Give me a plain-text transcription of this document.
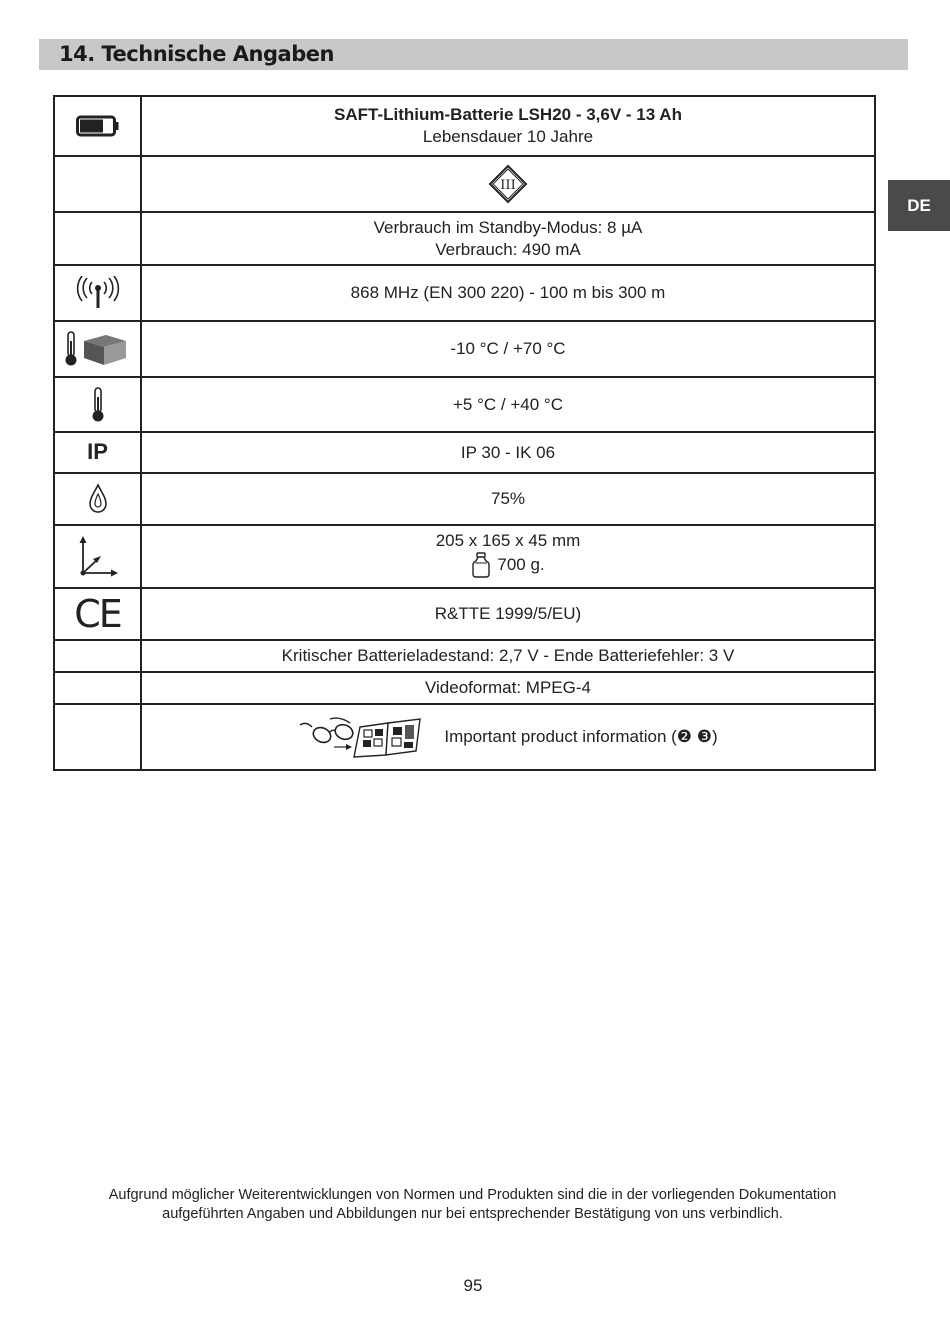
14. Technische Angaben
DE

SAFT-Lithium-Batterie LSH20 - 3,6V - 13 Ah
Lebensdauer 10 Jahre

III

	Verbrauch im Standby-Modus: 8 µA
Verbrauch: 490 mA

	868 MHz (EN 300 220) - 100 m bis 300 m

	-10 °C / +70 °C

	+5 °C / +40 °C
IP	IP 30 - IK 06

	75%

205 x 165 x 45 mm
700 g.

CE	R&TTE 1999/5/EU)
	Kritischer Batterieladestand: 2,7 V - Ende Batteriefehler: 3 V
	Videoformat: MPEG-4

	Important product information (❷ ❸)
Aufgrund möglicher Weiterentwicklungen von Normen und Produkten sind die in der vorliegenden Dokumentation
aufgeführten Angaben und Abbildungen nur bei entsprechender Bestätigung von uns verbindlich.
95
